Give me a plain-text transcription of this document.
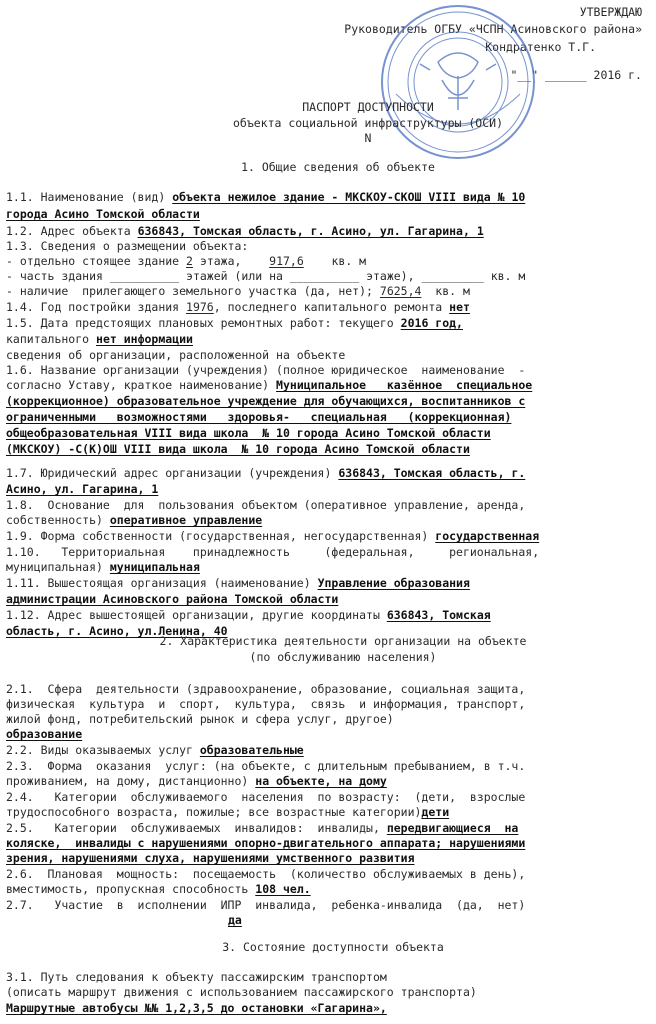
УТВЕРЖДАЮ
Руководитель ОГБУ «ЧСПН Асиновского района»
Кондратенко Т.Г.
"__" ______ 2016 г.
ПАСПОРТ ДОСТУПНОСТИ
объекта социальной инфраструктуры (ОСИ)
N
1. Общие сведения об объекте
1.1. Наименование (вид) объекта нежилое здание - МКСКОУ-СКОШ VIII вида № 10
города Асино Томской области
1.2. Адрес объекта 636843, Томская область, г. Асино, ул. Гагарина, 1
1.3. Сведения о размещении объекта:
- отдельно стоящее здание 2 этажа, 917,6 кв. м
- часть здания __________ этажей (или на __________ этаже), _________ кв. м
- наличие  прилегающего земельного участка (да, нет); 7625,4 кв. м
1.4. Год постройки здания 1976, последнего капитального ремонта нет
1.5. Дата предстоящих плановых ремонтных работ: текущего 2016 год,
капитального нет информации
сведения об организации, расположенной на объекте
1.6. Название организации (учреждения) (полное юридическое  наименование  -
согласно Уставу, краткое наименование) Муниципальное   казённое  специальное
(коррекционное) образовательное учреждение для обучающихся, воспитанников с
ограниченными   возможностями   здоровья-   специальная   (коррекционная)
общеобразовательная VIII вида школа  № 10 города Асино Томской области
(МКСКОУ) -С(К)ОШ VIII вида школа  № 10 города Асино Томской области
1.7. Юридический адрес организации (учреждения) 636843, Томская область, г.
Асино, ул. Гагарина, 1
1.8.  Основание  для  пользования объектом (оперативное управление, аренда,
собственность) оперативное управление
1.9. Форма собственности (государственная, негосударственная) государственная
1.10.   Территориальная    принадлежность     (федеральная,     региональная,
муниципальная) муниципальная
1.11. Вышестоящая организация (наименование) Управление образования
администрации Асиновского района Томской области
1.12. Адрес вышестоящей организации, другие координаты 636843, Томская
область, г. Асино, ул.Ленина, 40
2. Характеристика деятельности организации на объекте
(по обслуживанию населения)
2.1.  Сфера  деятельности (здравоохранение, образование, социальная защита,
физическая  культура  и  спорт,  культура,  связь  и информация, транспорт,
жилой фонд, потребительский рынок и сфера услуг, другое)
образование
2.2. Виды оказываемых услуг образовательные
2.3.  Форма  оказания  услуг: (на объекте, с длительным пребыванием, в т.ч.
проживанием, на дому, дистанционно) на объекте, на дому
2.4.   Категории  обслуживаемого  населения  по возрасту:  (дети,  взрослые
трудоспособного возраста, пожилые; все возрастные категории)дети
2.5.   Категории  обслуживаемых  инвалидов:  инвалиды, передвигающиеся  на
коляске,  инвалиды с нарушениями опорно-двигательного аппарата; нарушениями
зрения, нарушениями слуха, нарушениями умственного развития
2.6.  Плановая  мощность:  посещаемость  (количество обслуживаемых в день),
вместимость, пропускная способность 108 чел.
2.7.   Участие  в  исполнении  ИПР  инвалида,  ребенка-инвалида  (да,  нет)
да
3. Состояние доступности объекта
3.1. Путь следования к объекту пассажирским транспортом
(описать маршрут движения с использованием пассажирского транспорта)
Маршрутные автобусы №№ 1,2,3,5 до остановки «Гагарина»,
